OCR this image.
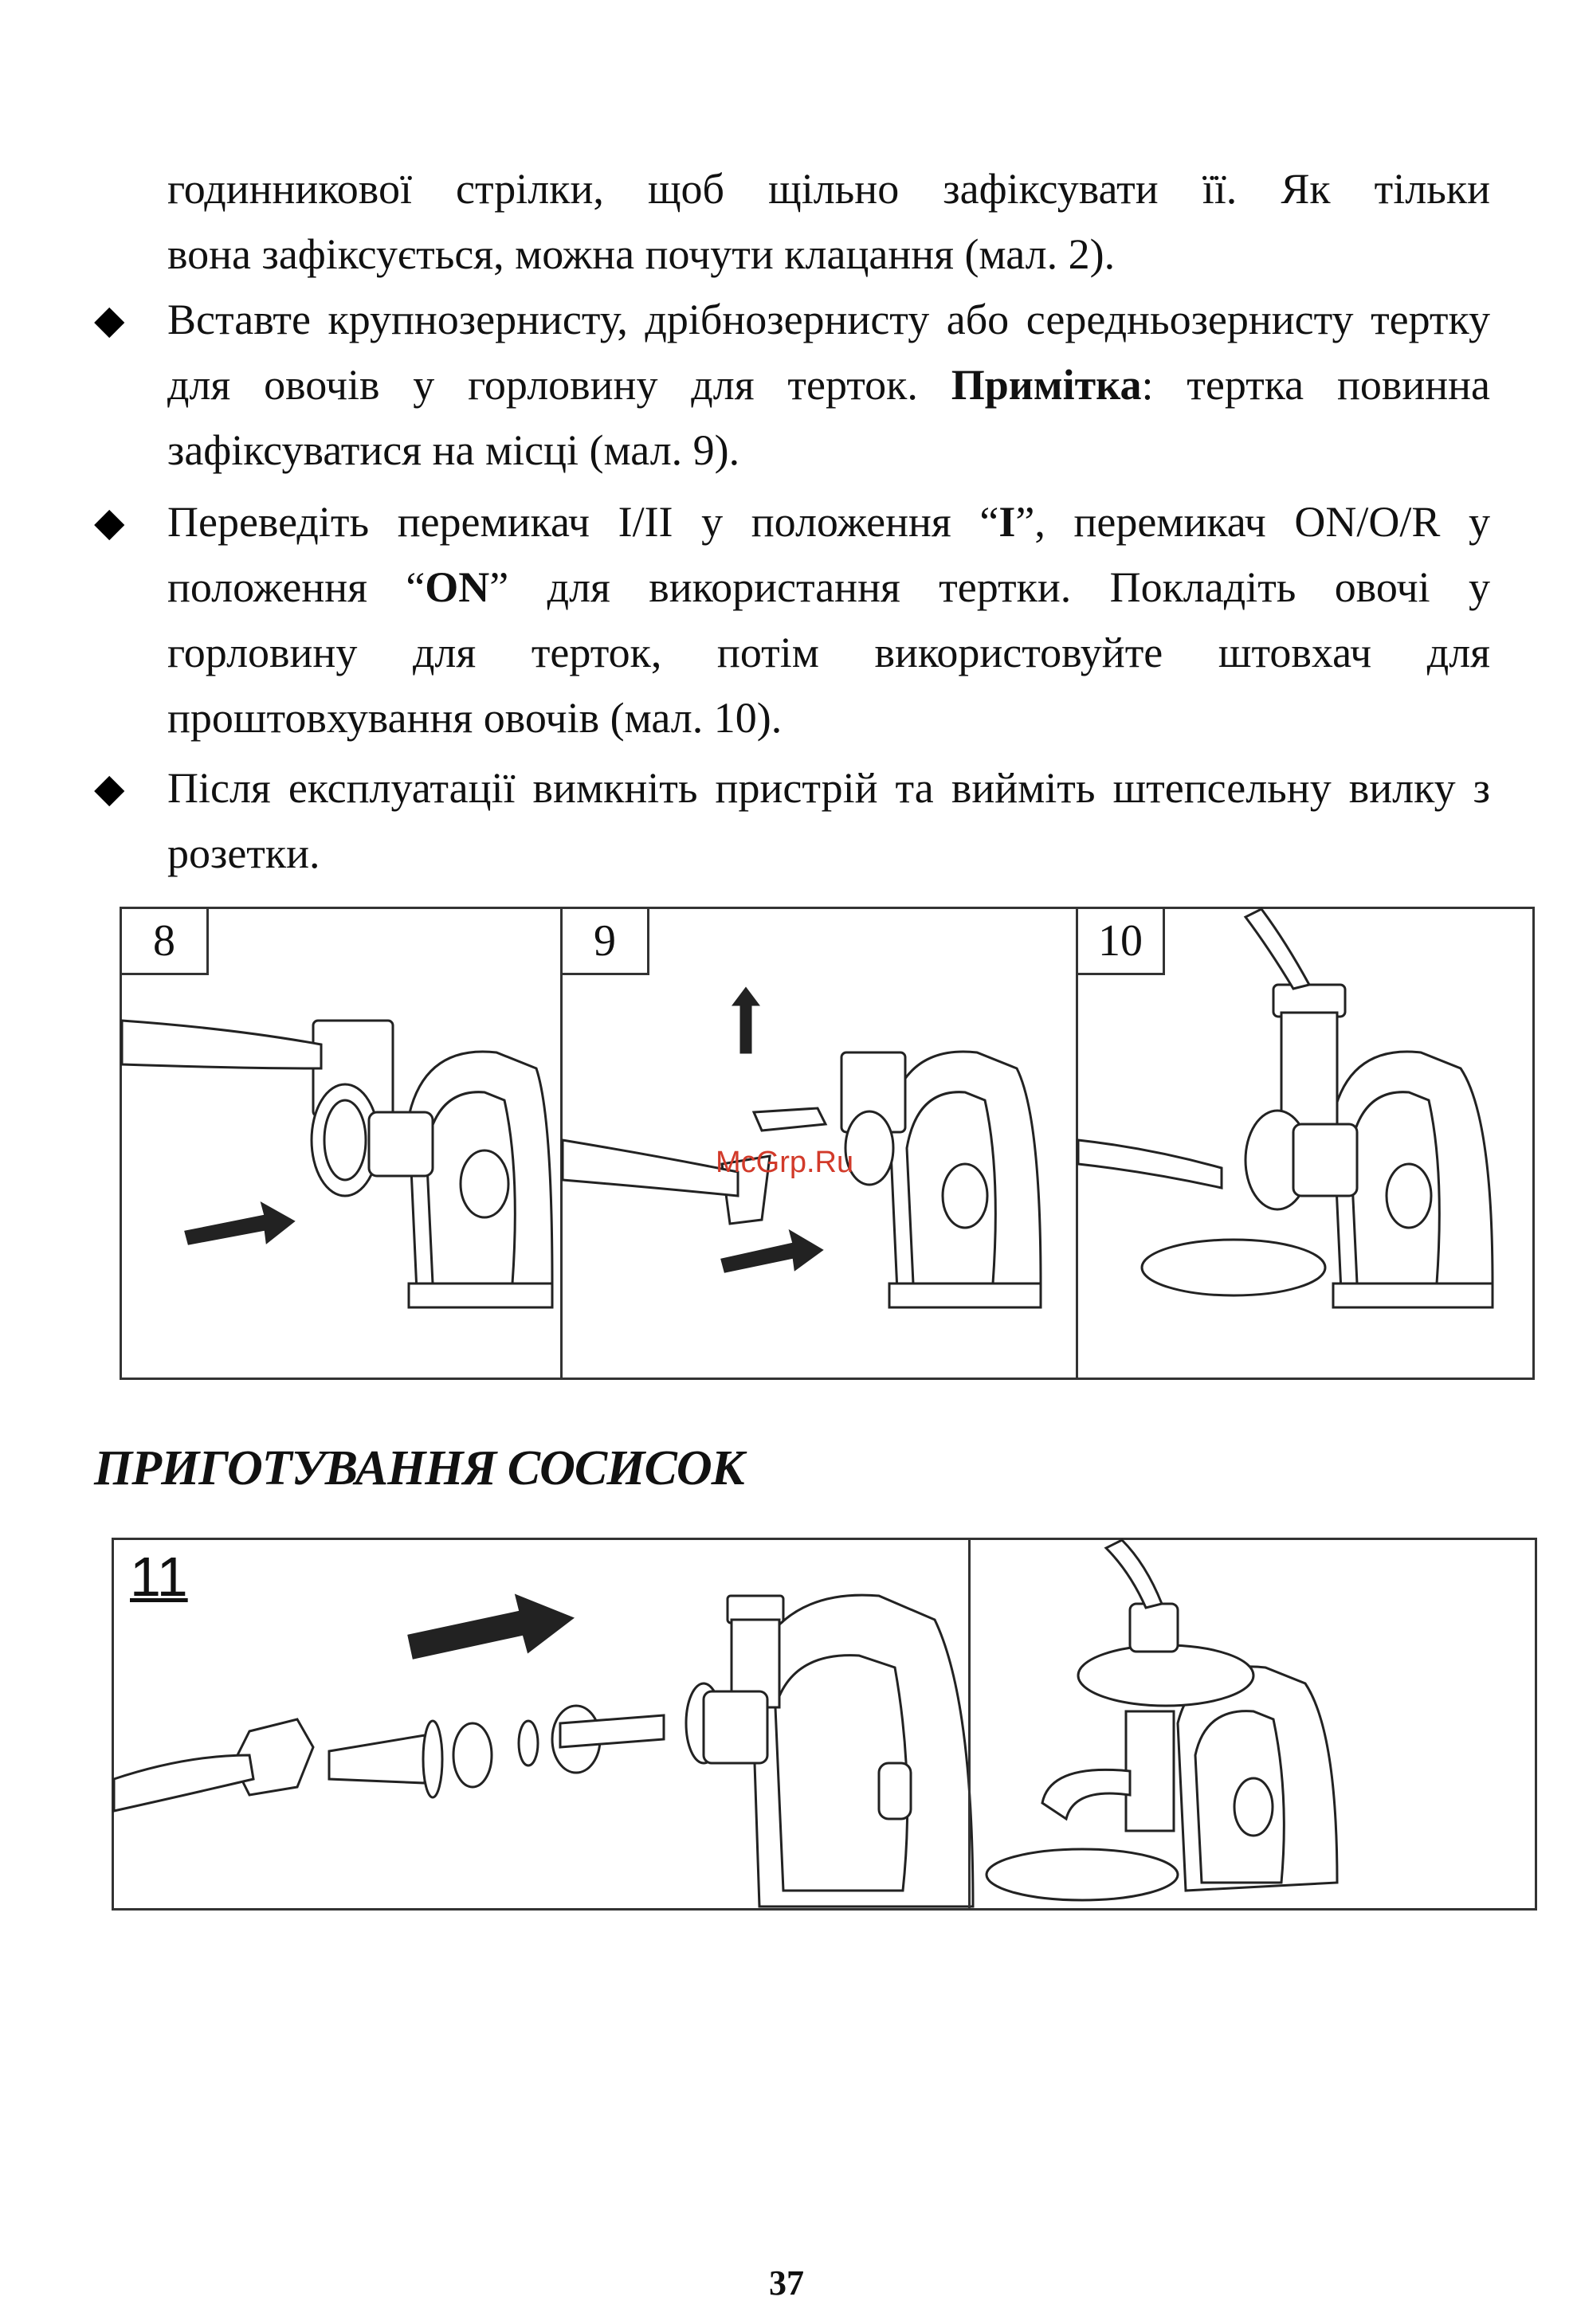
годинникової стрілки, щоб щільно зафіксувати її. Як тільки
вона зафіксується, можна почути клацання (мал. 2).
◆ Вставте крупнозернисту, дрібнозернисту або середньозернисту тертку для овочів у горловину для терток. Примітка: тертка повинна зафіксуватися на місці (мал. 9).
◆ Переведіть перемикач І/ІІ у положення “І”, перемикач ON/O/R у положення “ON” для використання тертки. Покладіть овочі у горловину для терток, потім використовуйте штовхач для проштовхування овочів (мал. 10).
◆ Після експлуатації вимкніть пристрій та вийміть штепсельну вилку з розетки.
8	9	10
McGrp.Ru
ПРИГОТУВАННЯ СОСИСОК
11
37
